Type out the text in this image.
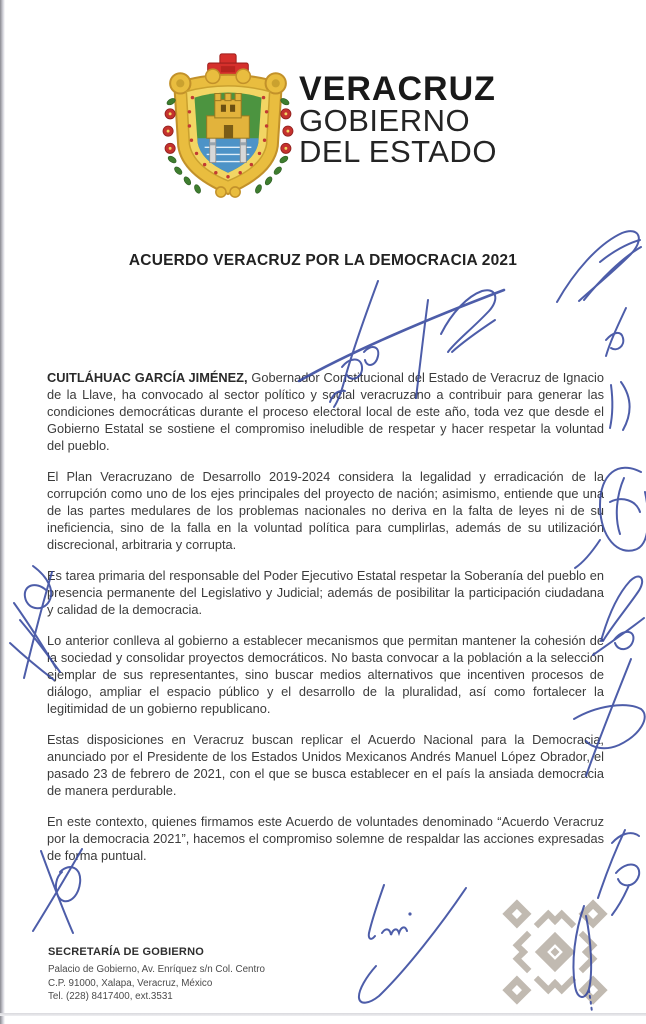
VERACRUZ
GOBIERNO
DEL ESTADO
ACUERDO VERACRUZ POR LA DEMOCRACIA 2021

CUITLÁHUAC GARCÍA JIMÉNEZ, Gobernador Constitucional del Estado de Veracruz de Ignacio de la Llave, ha convocado al sector político y social veracruzano a contribuir para generar las condiciones democráticas durante el proceso electoral local de este año, toda vez que desde el Gobierno Estatal se sostiene el compromiso ineludible de respetar y hacer respetar la voluntad del pueblo.

El Plan Veracruzano de Desarrollo 2019-2024 considera la legalidad y erradicación de la corrupción como uno de los ejes principales del proyecto de nación; asimismo, entiende que una de las partes medulares de los problemas nacionales no deriva en la falta de leyes ni de su ineficiencia, sino de la falla en la voluntad política para cumplirlas, además de su utilización discrecional, arbitraria y corrupta.

Es tarea primaria del responsable del Poder Ejecutivo Estatal respetar la Soberanía del pueblo en presencia permanente del Legislativo y Judicial; además de posibilitar la participación ciudadana y calidad de la democracia.

Lo anterior conlleva al gobierno a establecer mecanismos que permitan mantener la cohesión de la sociedad y consolidar proyectos democráticos. No basta convocar a la población a la selección ejemplar de sus representantes, sino buscar medios alternativos que incentiven procesos de diálogo, ampliar el espacio público y el desarrollo de la pluralidad, así como fortalecer la legitimidad de un gobierno republicano.

Estas disposiciones en Veracruz buscan replicar el Acuerdo Nacional para la Democracia, anunciado por el Presidente de los Estados Unidos Mexicanos Andrés Manuel López Obrador, el pasado 23 de febrero de 2021, con el que se busca establecer en el país la ansiada democracia de manera perdurable.

En este contexto, quienes firmamos este Acuerdo de voluntades denominado “Acuerdo Veracruz por la democracia 2021”, hacemos el compromiso solemne de respaldar las acciones expresadas de forma puntual.

SECRETARÍA DE GOBIERNO
Palacio de Gobierno, Av. Enríquez s/n Col. Centro
C.P. 91000, Xalapa, Veracruz, México
Tel. (228) 8417400, ext.3531
